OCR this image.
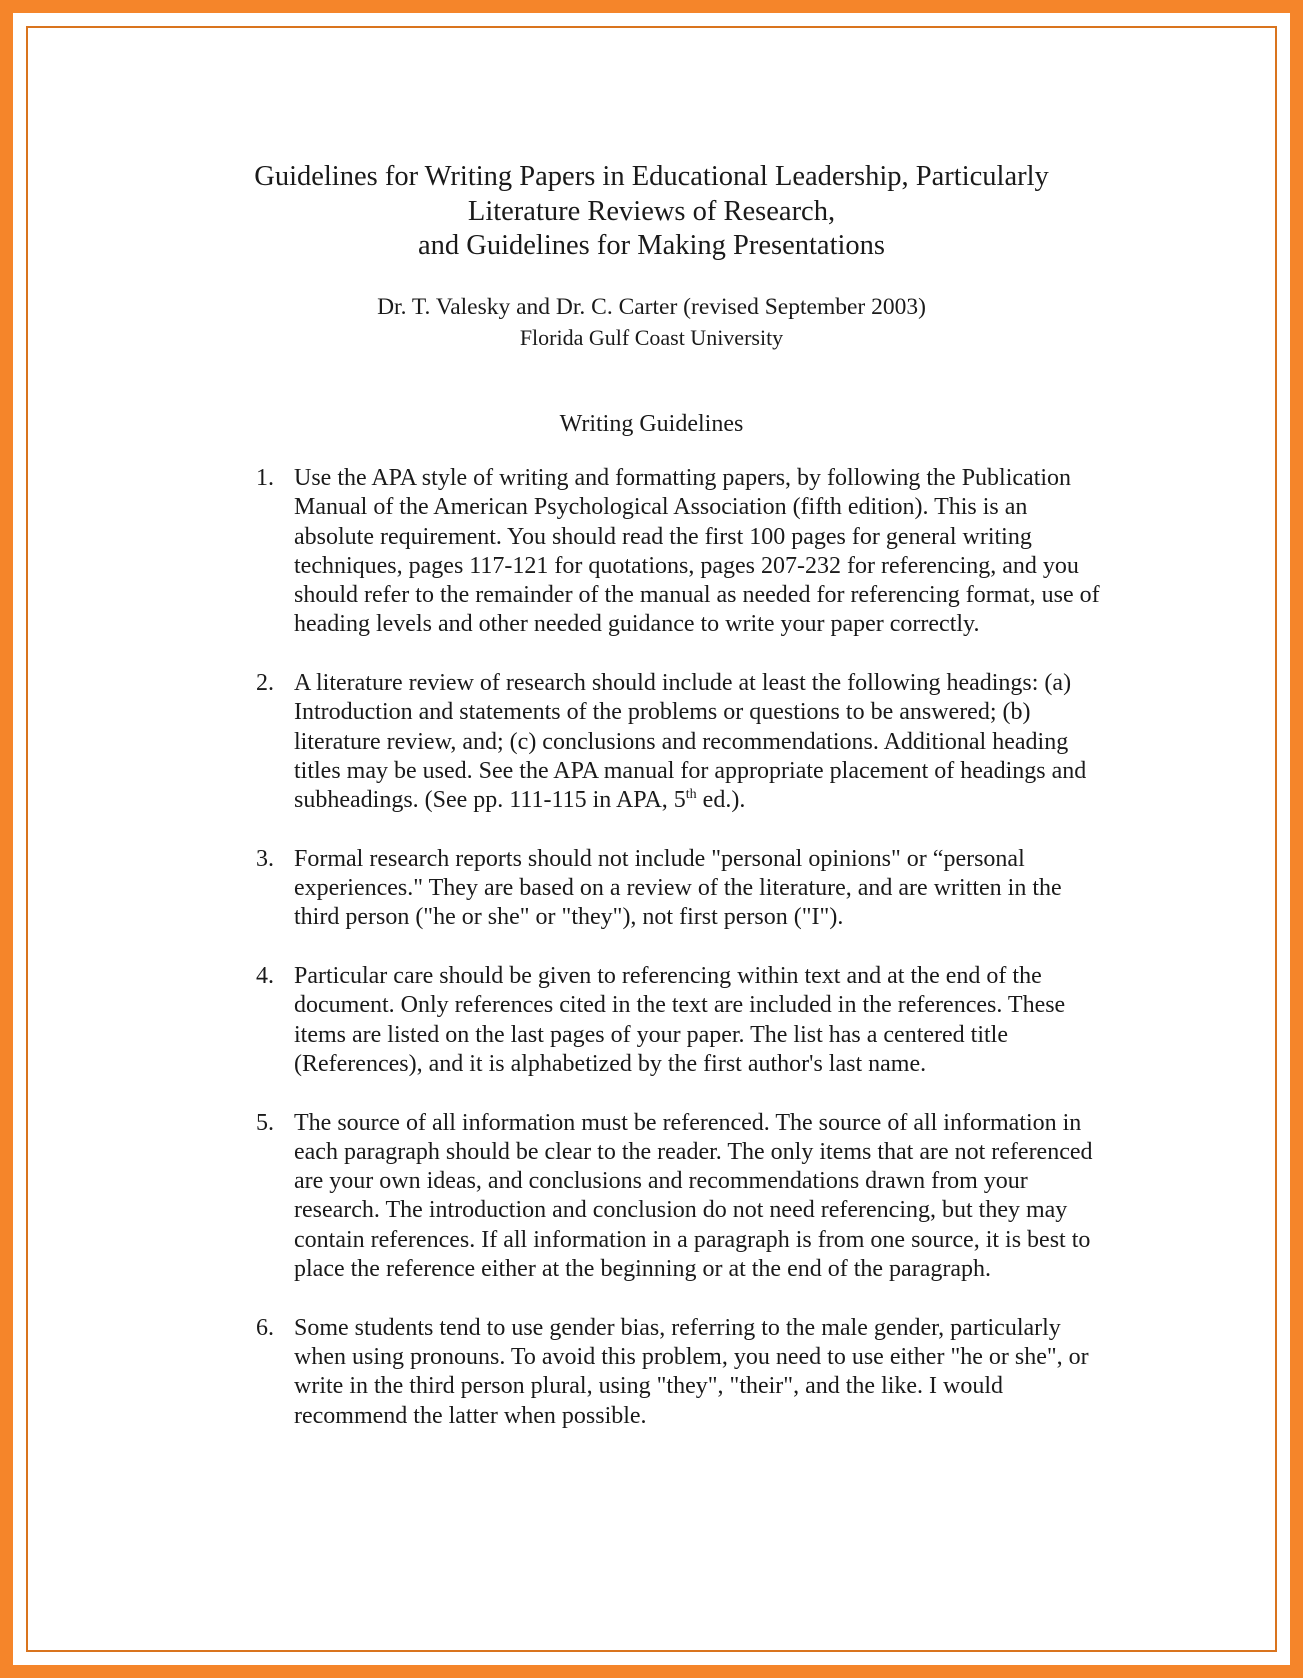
Guidelines for Writing Papers in Educational Leadership, Particularly
Literature Reviews of Research,
and Guidelines for Making Presentations
Dr. T. Valesky and Dr. C. Carter (revised September 2003)
Florida Gulf Coast University
Writing Guidelines
1. Use the APA style of writing and formatting papers, by following the Publication Manual of the American Psychological Association (fifth edition). This is an absolute requirement. You should read the first 100 pages for general writing techniques, pages 117-121 for quotations, pages 207-232 for referencing, and you should refer to the remainder of the manual as needed for referencing format, use of heading levels and other needed guidance to write your paper correctly.
2. A literature review of research should include at least the following headings: (a) Introduction and statements of the problems or questions to be answered; (b) literature review, and; (c) conclusions and recommendations. Additional heading titles may be used. See the APA manual for appropriate placement of headings and subheadings. (See pp. 111-115 in APA, 5th ed.).
3. Formal research reports should not include "personal opinions" or “personal experiences." They are based on a review of the literature, and are written in the third person ("he or she" or "they"), not first person ("I").
4. Particular care should be given to referencing within text and at the end of the document. Only references cited in the text are included in the references. These items are listed on the last pages of your paper. The list has a centered title (References), and it is alphabetized by the first author's last name.
5. The source of all information must be referenced. The source of all information in each paragraph should be clear to the reader. The only items that are not referenced are your own ideas, and conclusions and recommendations drawn from your research. The introduction and conclusion do not need referencing, but they may contain references. If all information in a paragraph is from one source, it is best to place the reference either at the beginning or at the end of the paragraph.
6. Some students tend to use gender bias, referring to the male gender, particularly when using pronouns. To avoid this problem, you need to use either "he or she", or write in the third person plural, using "they", "their", and the like. I would recommend the latter when possible.
